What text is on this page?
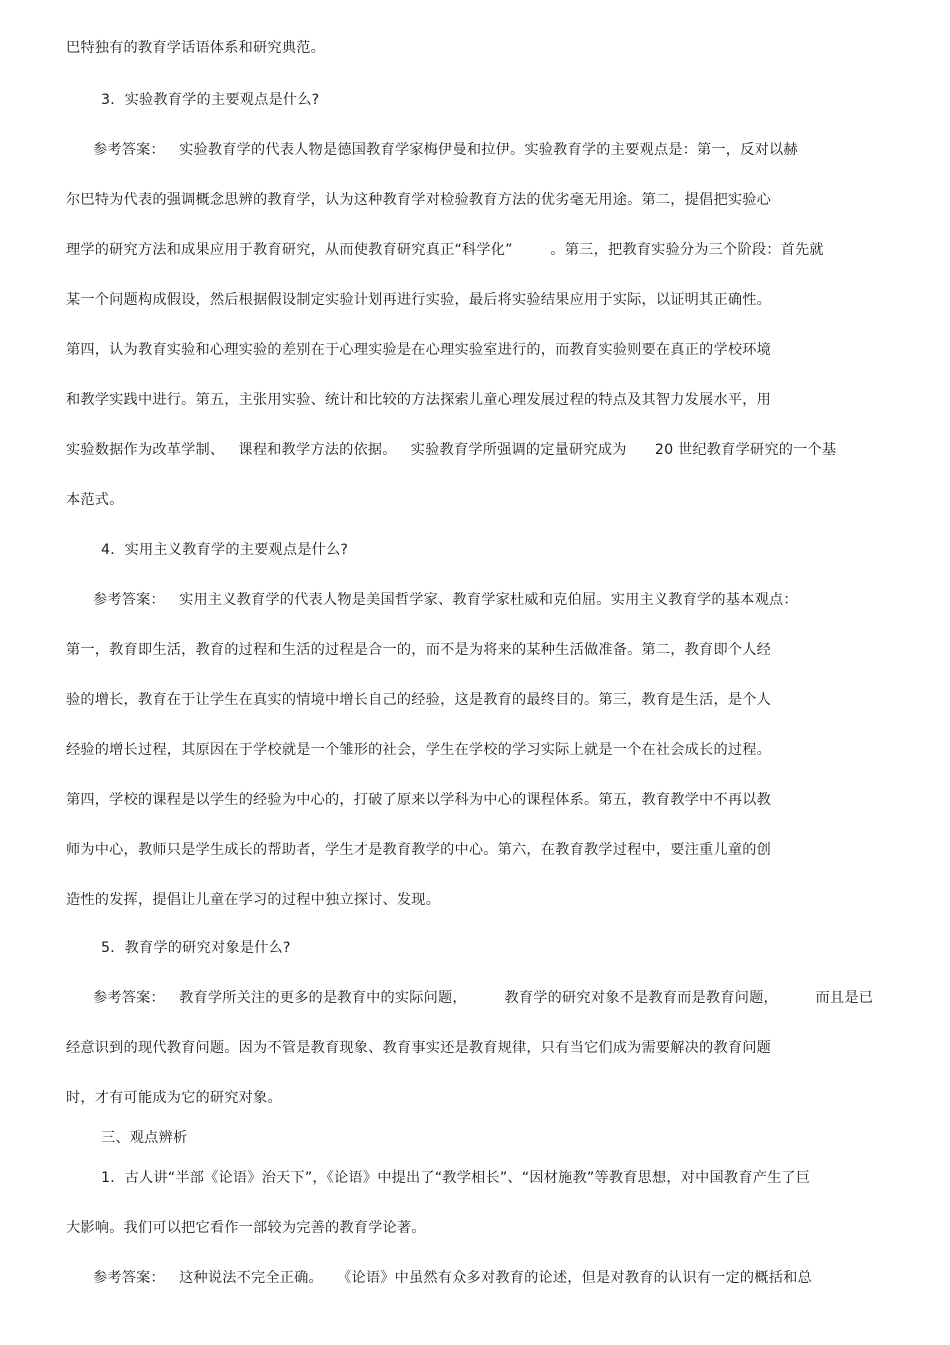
巴特独有的教育学话语体系和研究典范。
3．实验教育学的主要观点是什么?
参考答案：   实验教育学的代表人物是德国教育学家梅伊曼和拉伊。实验教育学的主要观点是：第一，反对以赫
尔巴特为代表的强调概念思辨的教育学，认为这种教育学对检验教育方法的优劣毫无用途。第二，提倡把实验心
理学的研究方法和成果应用于教育研究，从而使教育研究真正“科学化”        。第三，把教育实验分为三个阶段：首先就
某一个问题构成假设，然后根据假设制定实验计划再进行实验，最后将实验结果应用于实际，以证明其正确性。
第四，认为教育实验和心理实验的差别在于心理实验是在心理实验室进行的，而教育实验则要在真正的学校环境
和教学实践中进行。第五，主张用实验、统计和比较的方法探索儿童心理发展过程的特点及其智力发展水平，用
实验数据作为改革学制、   课程和教学方法的依据。   实验教育学所强调的定量研究成为      20 世纪教育学研究的一个基
本范式。
4．实用主义教育学的主要观点是什么?
参考答案：   实用主义教育学的代表人物是美国哲学家、教育学家杜威和克伯屈。实用主义教育学的基本观点：
第一，教育即生活，教育的过程和生活的过程是合一的，而不是为将来的某种生活做准备。第二，教育即个人经
验的增长，教育在于让学生在真实的情境中增长自己的经验，这是教育的最终目的。第三，教育是生活，是个人
经验的增长过程，其原因在于学校就是一个雏形的社会，学生在学校的学习实际上就是一个在社会成长的过程。
第四，学校的课程是以学生的经验为中心的，打破了原来以学科为中心的课程体系。第五，教育教学中不再以教
师为中心，教师只是学生成长的帮助者，学生才是教育教学的中心。第六，在教育教学过程中，要注重儿童的创
造性的发挥，提倡让儿童在学习的过程中独立探讨、发现。
5．教育学的研究对象是什么?
参考答案：   教育学所关注的更多的是教育中的实际问题，        教育学的研究对象不是教育而是教育问题，        而且是已
经意识到的现代教育问题。因为不管是教育现象、教育事实还是教育规律，只有当它们成为需要解决的教育问题
时，才有可能成为它的研究对象。
三、观点辨析
1．古人讲“半部《论语》治天下”，《论语》中提出了“教学相长”、“因材施教”等教育思想，对中国教育产生了巨
大影响。我们可以把它看作一部较为完善的教育学论著。
参考答案：   这种说法不完全正确。   《论语》中虽然有众多对教育的论述，但是对教育的认识有一定的概括和总
